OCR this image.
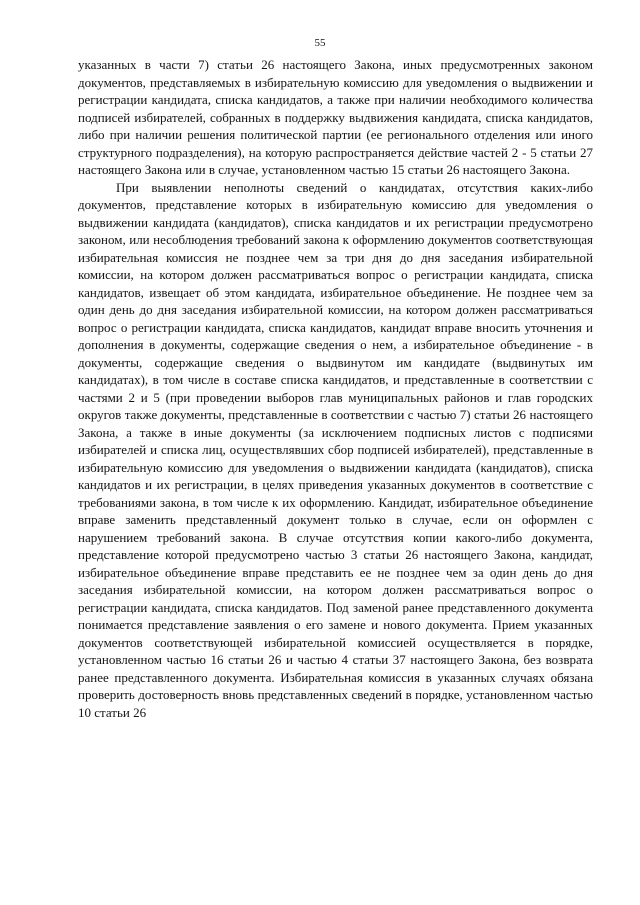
55

указанных в части 7) статьи 26 настоящего Закона, иных предусмотренных законом документов, представляемых в избирательную комиссию для уведомления о выдвижении и регистрации кандидата, списка кандидатов, а также при наличии необходимого количества подписей избирателей, собранных в поддержку выдвижения кандидата, списка кандидатов, либо при наличии решения политической партии (ее регионального отделения или иного структурного подразделения), на которую распространяется действие частей 2 - 5 статьи 27 настоящего Закона или в случае, установленном частью 15 статьи 26 настоящего Закона.

При выявлении неполноты сведений о кандидатах, отсутствия каких-либо документов, представление которых в избирательную комиссию для уведомления о выдвижении кандидата (кандидатов), списка кандидатов и их регистрации предусмотрено законом, или несоблюдения требований закона к оформлению документов соответствующая избирательная комиссия не позднее чем за три дня до дня заседания избирательной комиссии, на котором должен рассматриваться вопрос о регистрации кандидата, списка кандидатов, извещает об этом кандидата, избирательное объединение. Не позднее чем за один день до дня заседания избирательной комиссии, на котором должен рассматриваться вопрос о регистрации кандидата, списка кандидатов, кандидат вправе вносить уточнения и дополнения в документы, содержащие сведения о нем, а избирательное объединение - в документы, содержащие сведения о выдвинутом им кандидате (выдвинутых им кандидатах), в том числе в составе списка кандидатов, и представленные в соответствии с частями 2 и 5 (при проведении выборов глав муниципальных районов и глав городских округов также документы, представленные в соответствии с частью 7) статьи 26 настоящего Закона, а также в иные документы (за исключением подписных листов с подписями избирателей и списка лиц, осуществлявших сбор подписей избирателей), представленные в избирательную комиссию для уведомления о выдвижении кандидата (кандидатов), списка кандидатов и их регистрации, в целях приведения указанных документов в соответствие с требованиями закона, в том числе к их оформлению. Кандидат, избирательное объединение вправе заменить представленный документ только в случае, если он оформлен с нарушением требований закона. В случае отсутствия копии какого-либо документа, представление которой предусмотрено частью 3 статьи 26 настоящего Закона, кандидат, избирательное объединение вправе представить ее не позднее чем за один день до дня заседания избирательной комиссии, на котором должен рассматриваться вопрос о регистрации кандидата, списка кандидатов. Под заменой ранее представленного документа понимается представление заявления о его замене и нового документа. Прием указанных документов соответствующей избирательной комиссией осуществляется в порядке, установленном частью 16 статьи 26 и частью 4 статьи 37 настоящего Закона, без возврата ранее представленного документа. Избирательная комиссия в указанных случаях обязана проверить достоверность вновь представленных сведений в порядке, установленном частью 10 статьи 26
